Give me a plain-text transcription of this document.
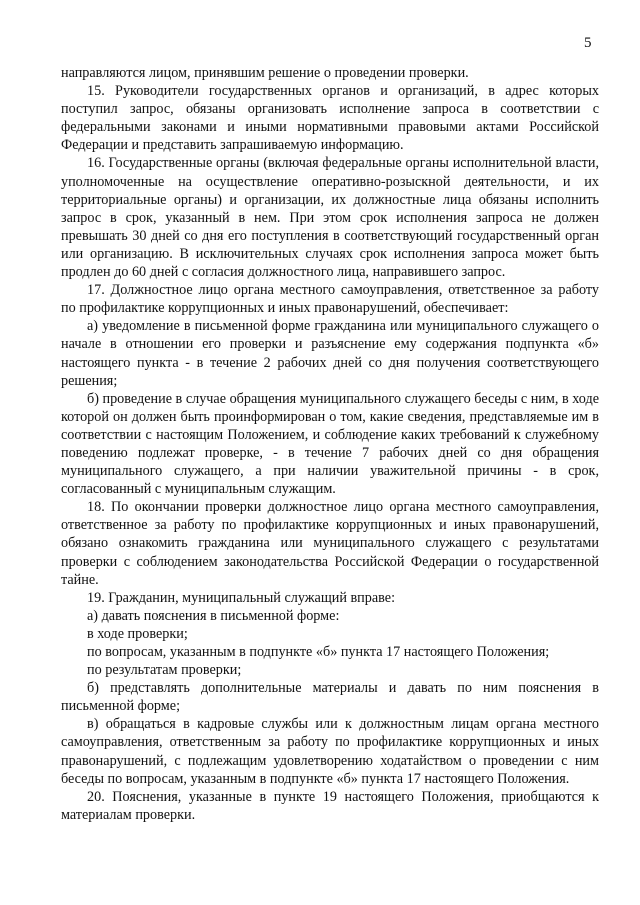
5

направляются лицом, принявшим решение о проведении проверки.

15. Руководители государственных органов и организаций, в адрес которых поступил запрос, обязаны организовать исполнение запроса в соответствии с федеральными законами и иными нормативными правовыми актами Российской Федерации и представить запрашиваемую информацию.

16. Государственные органы (включая федеральные органы исполнительной власти, уполномоченные на осуществление оперативно-розыскной деятельности, и их территориальные органы) и организации, их должностные лица обязаны исполнить запрос в срок, указанный в нем. При этом срок исполнения запроса не должен превышать 30 дней со дня его поступления в соответствующий государственный орган или организацию. В исключительных случаях срок исполнения запроса может быть продлен до 60 дней с согласия должностного лица, направившего запрос.

17. Должностное лицо органа местного самоуправления, ответственное за работу по профилактике коррупционных и иных правонарушений, обеспечивает:

а) уведомление в письменной форме гражданина или муниципального служащего о начале в отношении его проверки и разъяснение ему содержания подпункта «б» настоящего пункта - в течение 2 рабочих дней со дня получения соответствующего решения;

б) проведение в случае обращения муниципального служащего беседы с ним, в ходе которой он должен быть проинформирован о том, какие сведения, представляемые им в соответствии с настоящим Положением, и соблюдение каких требований к служебному поведению подлежат проверке, - в течение 7 рабочих дней со дня обращения муниципального служащего, а при наличии уважительной причины - в срок, согласованный с муниципальным служащим.

18. По окончании проверки должностное лицо органа местного самоуправления, ответственное за работу по профилактике коррупционных и иных правонарушений, обязано ознакомить гражданина или муниципального служащего с результатами проверки с соблюдением законодательства Российской Федерации о государственной тайне.

19. Гражданин, муниципальный служащий вправе:

а) давать пояснения в письменной форме:

в ходе проверки;

по вопросам, указанным в подпункте «б» пункта 17 настоящего Положения;

по результатам проверки;

б) представлять дополнительные материалы и давать по ним пояснения в письменной форме;

в) обращаться в кадровые службы или к должностным лицам органа местного самоуправления, ответственным за работу по профилактике коррупционных и иных правонарушений, с подлежащим удовлетворению ходатайством о проведении с ним беседы по вопросам, указанным в подпункте «б» пункта 17 настоящего Положения.

20. Пояснения, указанные в пункте 19 настоящего Положения, приобщаются к материалам проверки.
